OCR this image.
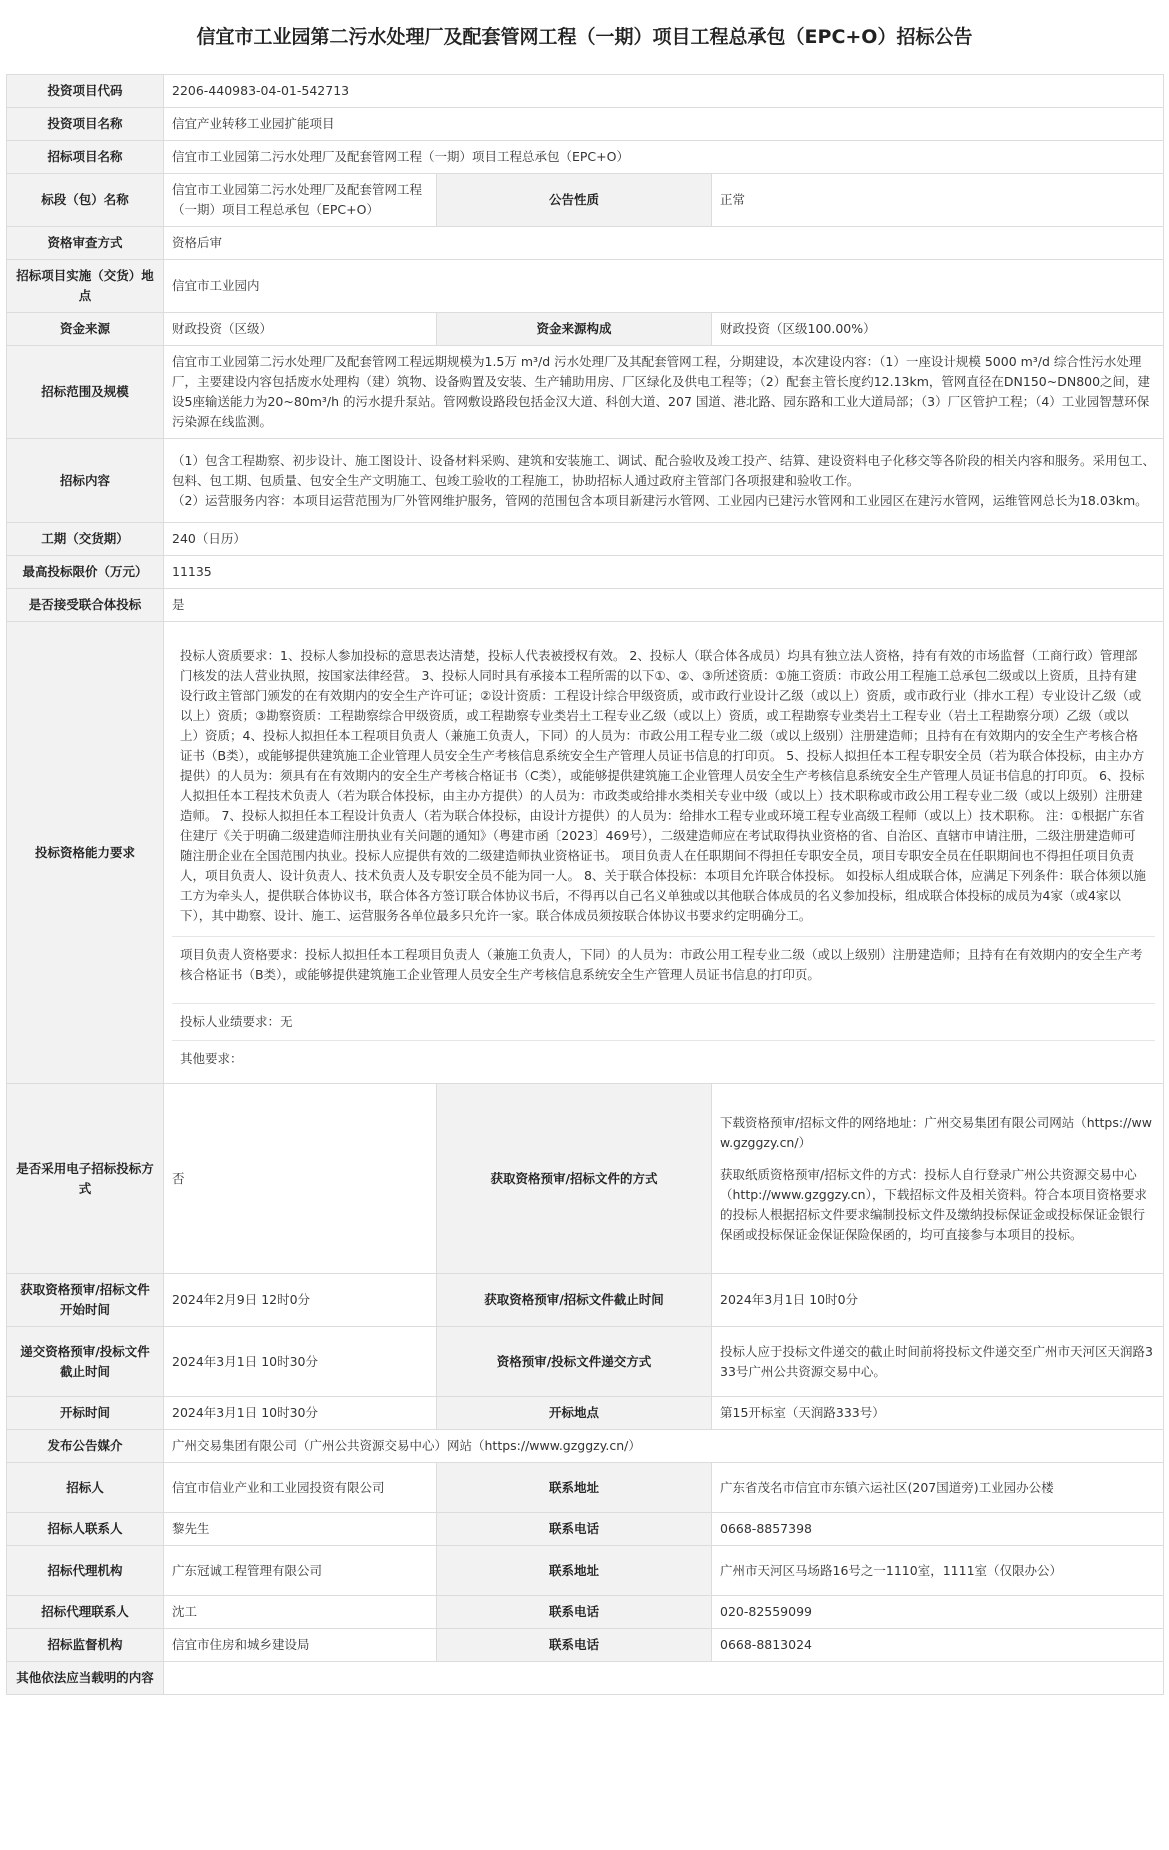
信宜市工业园第二污水处理厂及配套管网工程（一期）项目工程总承包（EPC+O）招标公告
投资项目代码	2206-440983-04-01-542713		
投资项目名称	信宜产业转移工业园扩能项目		
招标项目名称	信宜市工业园第二污水处理厂及配套管网工程（一期）项目工程总承包（EPC+O）		
标段（包）名称	信宜市工业园第二污水处理厂及配套管网工程（一期）项目工程总承包（EPC+O）	公告性质	正常
资格审查方式	资格后审		
招标项目实施（交货）地点	信宜市工业园内		
资金来源	财政投资（区级）	资金来源构成	财政投资（区级100.00%）
招标范围及规模	信宜市工业园第二污水处理厂及配套管网工程远期规模为1.5万 m³/d 污水处理厂及其配套管网工程，分期建设，本次建设内容：（1）一座设计规模 5000 m³/d 综合性污水处理厂，主要建设内容包括废水处理构（建）筑物、设备购置及安装、生产辅助用房、厂区绿化及供电工程等；（2）配套主管长度约12.13km，管网直径在DN150~DN800之间，建设5座输送能力为20~80m³/h 的污水提升泵站。管网敷设路段包括金汉大道、科创大道、207 国道、港北路、园东路和工业大道局部；（3）厂区管护工程；（4）工业园智慧环保污染源在线监测。		
招标内容	（1）包含工程勘察、初步设计、施工图设计、设备材料采购、建筑和安装施工、调试、配合验收及竣工投产、结算、建设资料电子化移交等各阶段的相关内容和服务。采用包工、包料、包工期、包质量、包安全生产文明施工、包竣工验收的工程施工，协助招标人通过政府主管部门各项报建和验收工作。

（2）运营服务内容：本项目运营范围为厂外管网维护服务，管网的范围包含本项目新建污水管网、工业园内已建污水管网和工业园区在建污水管网，运维管网总长为18.03km。		

工期（交货期）	240（日历）		
最高投标限价（万元）	11135		
是否接受联合体投标	是		
投标资格能力要求	投标人资质要求：1、投标人参加投标的意思表达清楚，投标人代表被授权有效。 2、投标人（联合体各成员）均具有独立法人资格，持有有效的市场监督（工商行政）管理部门核发的法人营业执照，按国家法律经营。 3、投标人同时具有承接本工程所需的以下①、②、③所述资质：①施工资质：市政公用工程施工总承包二级或以上资质，且持有建设行政主管部门颁发的在有效期内的安全生产许可证；②设计资质：工程设计综合甲级资质，或市政行业设计乙级（或以上）资质，或市政行业（排水工程）专业设计乙级（或以上）资质；③勘察资质：工程勘察综合甲级资质，或工程勘察专业类岩土工程专业乙级（或以上）资质，或工程勘察专业类岩土工程专业（岩土工程勘察分项）乙级（或以上）资质；4、投标人拟担任本工程项目负责人（兼施工负责人，下同）的人员为：市政公用工程专业二级（或以上级别）注册建造师；且持有在有效期内的安全生产考核合格证书（B类），或能够提供建筑施工企业管理人员安全生产考核信息系统安全生产管理人员证书信息的打印页。 5、投标人拟担任本工程专职安全员（若为联合体投标，由主办方提供）的人员为：须具有在有效期内的安全生产考核合格证书（C类），或能够提供建筑施工企业管理人员安全生产考核信息系统安全生产管理人员证书信息的打印页。 6、投标人拟担任本工程技术负责人（若为联合体投标，由主办方提供）的人员为：市政类或给排水类相关专业中级（或以上）技术职称或市政公用工程专业二级（或以上级别）注册建造师。 7、投标人拟担任本工程设计负责人（若为联合体投标，由设计方提供）的人员为：给排水工程专业或环境工程专业高级工程师（或以上）技术职称。 注：①根据广东省住建厅《关于明确二级建造师注册执业有关问题的通知》（粤建市函〔2023〕469号），二级建造师应在考试取得执业资格的省、自治区、直辖市申请注册，二级注册建造师可随注册企业在全国范围内执业。投标人应提供有效的二级建造师执业资格证书。 项目负责人在任职期间不得担任专职安全员，项目专职安全员在任职期间也不得担任项目负责人，项目负责人、设计负责人、技术负责人及专职安全员不能为同一人。 8、关于联合体投标：本项目允许联合体投标。 如投标人组成联合体，应满足下列条件：联合体须以施工方为牵头人，提供联合体协议书，联合体各方签订联合体协议书后，不得再以自己名义单独或以其他联合体成员的名义参加投标，组成联合体投标的成员为4家（或4家以下），其中勘察、设计、施工、运营服务各单位最多只允许一家。联合体成员须按联合体协议书要求约定明确分工。
项目负责人资格要求：投标人拟担任本工程项目负责人（兼施工负责人，下同）的人员为：市政公用工程专业二级（或以上级别）注册建造师；且持有在有效期内的安全生产考核合格证书（B类），或能够提供建筑施工企业管理人员安全生产考核信息系统安全生产管理人员证书信息的打印页。
投标人业绩要求：无
其他要求：		

是否采用电子招标投标方式	否	获取资格预审/招标文件的方式	下载资格预审/招标文件的网络地址：广州交易集团有限公司网站（https://www.gzggzy.cn/）

获取纸质资格预审/招标文件的方式：投标人自行登录广州公共资源交易中心（http://www.gzggzy.cn），下载招标文件及相关资料。符合本项目资格要求的投标人根据招标文件要求编制投标文件及缴纳投标保证金或投标保证金银行保函或投标保证金保证保险保函的，均可直接参与本项目的投标。

获取资格预审/招标文件开始时间	2024年2月9日 12时0分	获取资格预审/招标文件截止时间	2024年3月1日 10时0分
递交资格预审/投标文件截止时间	2024年3月1日 10时30分	资格预审/投标文件递交方式	投标人应于投标文件递交的截止时间前将投标文件递交至广州市天河区天润路333号广州公共资源交易中心。
开标时间	2024年3月1日 10时30分	开标地点	第15开标室（天润路333号）
发布公告媒介	广州交易集团有限公司（广州公共资源交易中心）网站（https://www.gzggzy.cn/）		
招标人	信宜市信业产业和工业园投资有限公司	联系地址	广东省茂名市信宜市东镇六运社区(207国道旁)工业园办公楼
招标人联系人	黎先生	联系电话	0668-8857398
招标代理机构	广东冠诚工程管理有限公司	联系地址	广州市天河区马场路16号之一1110室，1111室（仅限办公）
招标代理联系人	沈工	联系电话	020-82559099
招标监督机构	信宜市住房和城乡建设局	联系电话	0668-8813024
其他依法应当载明的内容			
